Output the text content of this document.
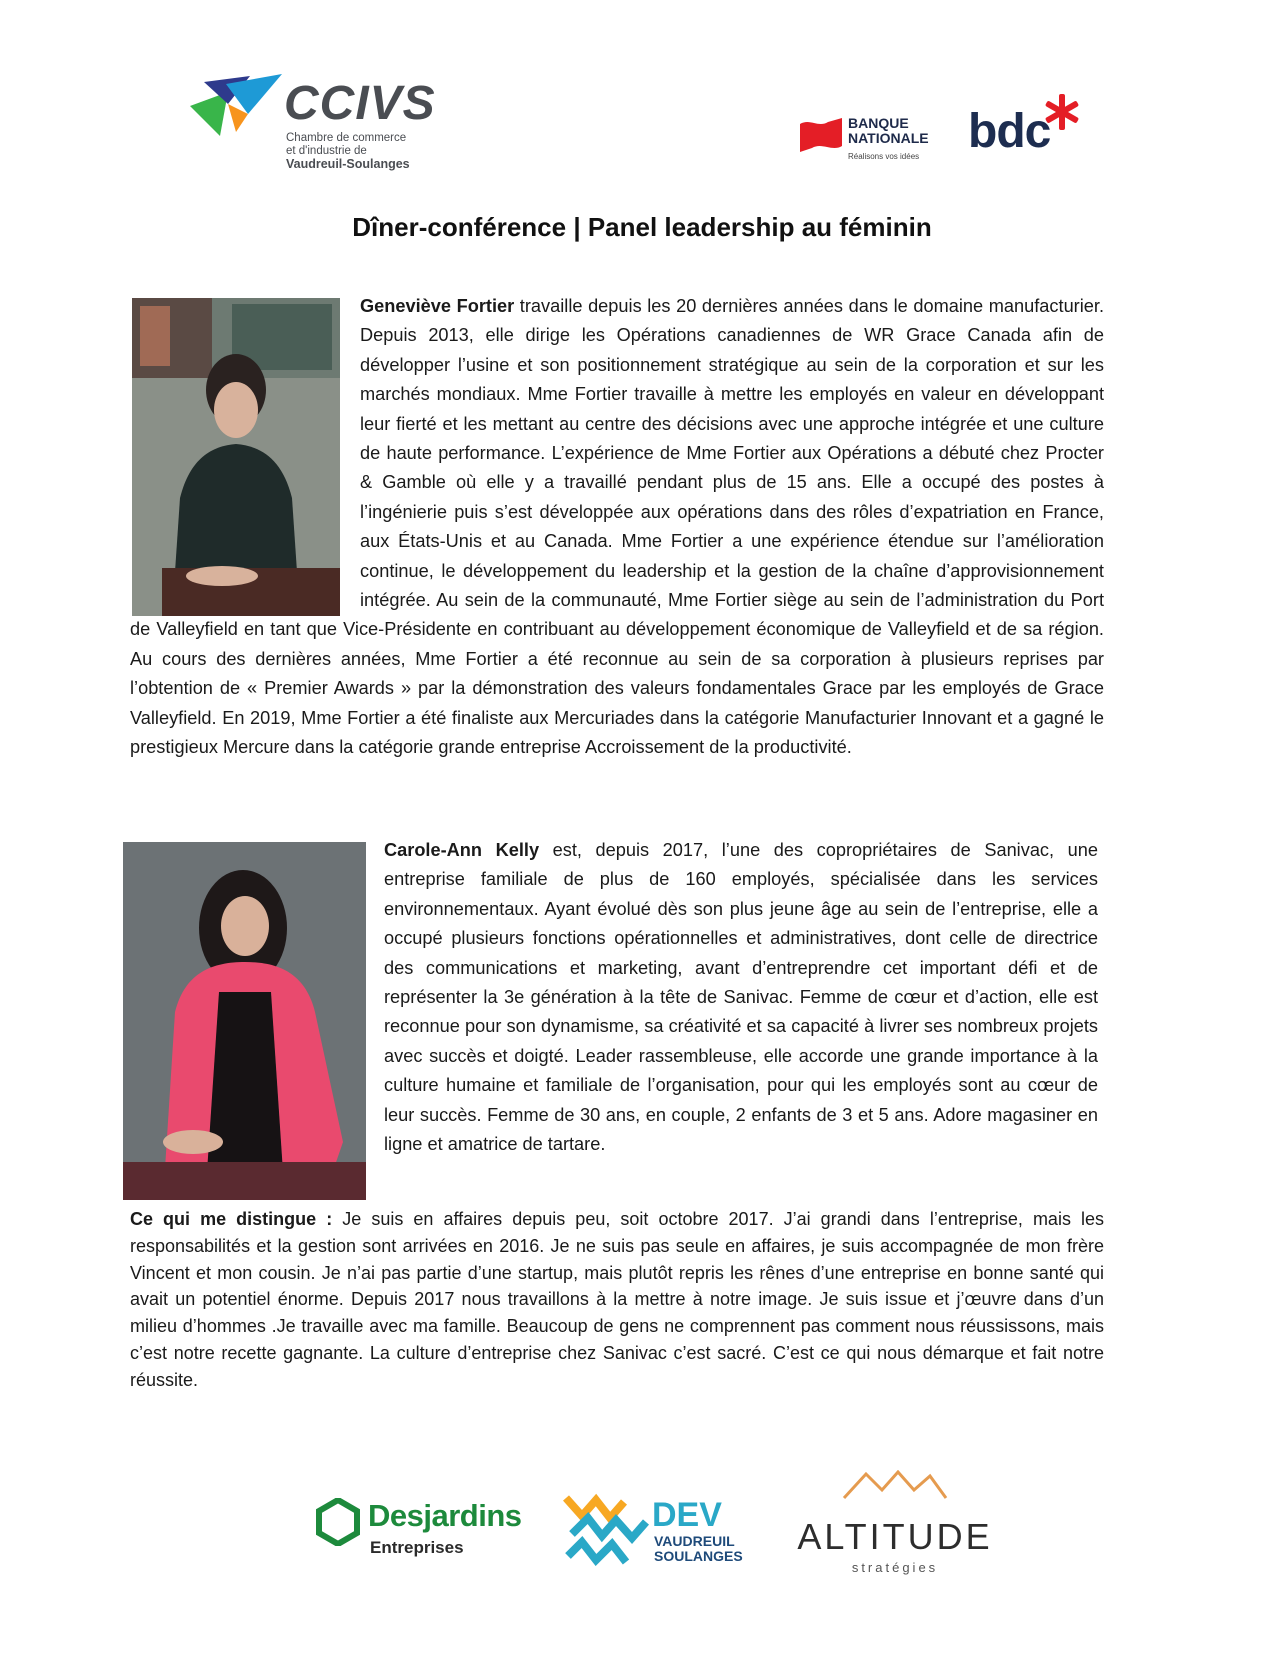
CCIVS
Chambre de commerce
et d'industrie de
Vaudreuil-Soulanges
BANQUE
NATIONALE
Réalisons vos idées bdc
Dîner-conférence | Panel leadership au féminin
Geneviève Fortier travaille depuis les 20 dernières années dans le domaine manufacturier. Depuis 2013, elle dirige les Opérations canadiennes de WR Grace Canada afin de développer l’usine et son positionnement stratégique au sein de la corporation et sur les marchés mondiaux. Mme Fortier travaille à mettre les employés en valeur en développant leur fierté et les mettant au centre des décisions avec une approche intégrée et une culture de haute performance. L’expérience de Mme Fortier aux Opérations a débuté chez Procter & Gamble où elle y a travaillé pendant plus de 15 ans. Elle a occupé des postes à l’ingénierie puis s’est développée aux opérations dans des rôles d’expatriation en France, aux États-Unis et au Canada. Mme Fortier a une expérience étendue sur l’amélioration continue, le développement du leadership et la gestion de la chaîne d’approvisionnement intégrée. Au sein de la communauté, Mme Fortier siège au sein de l’administration du Port de Valleyfield en tant que Vice-Présidente en contribuant au développement économique de Valleyfield et de sa région. Au cours des dernières années, Mme Fortier a été reconnue au sein de sa corporation à plusieurs reprises par l’obtention de « Premier Awards » par la démonstration des valeurs fondamentales Grace par les employés de Grace Valleyfield. En 2019, Mme Fortier a été finaliste aux Mercuriades dans la catégorie Manufacturier Innovant et a gagné le prestigieux Mercure dans la catégorie grande entreprise Accroissement de la productivité.
Carole-Ann Kelly est, depuis 2017, l’une des copropriétaires de Sanivac, une entreprise familiale de plus de 160 employés, spécialisée dans les services environnementaux. Ayant évolué dès son plus jeune âge au sein de l’entreprise, elle a occupé plusieurs fonctions opérationnelles et administratives, dont celle de directrice des communications et marketing, avant d’entreprendre cet important défi et de représenter la 3e génération à la tête de Sanivac. Femme de cœur et d’action, elle est reconnue pour son dynamisme, sa créativité et sa capacité à livrer ses nombreux projets avec succès et doigté. Leader rassembleuse, elle accorde une grande importance à la culture humaine et familiale de l’organisation, pour qui les employés sont au cœur de leur succès. Femme de 30 ans, en couple, 2 enfants de 3 et 5 ans. Adore magasiner en ligne et amatrice de tartare.
Ce qui me distingue : Je suis en affaires depuis peu, soit octobre 2017. J’ai grandi dans l’entreprise, mais les responsabilités et la gestion sont arrivées en 2016. Je ne suis pas seule en affaires, je suis accompagnée de mon frère Vincent et mon cousin. Je n’ai pas partie d’une startup, mais plutôt repris les rênes d’une entreprise en bonne santé qui avait un potentiel énorme. Depuis 2017 nous travaillons à la mettre à notre image. Je suis issue et j’œuvre dans d’un milieu d’hommes .Je travaille avec ma famille. Beaucoup de gens ne comprennent pas comment nous réussissons, mais c’est notre recette gagnante. La culture d’entreprise chez Sanivac c’est sacré. C’est ce qui nous démarque et fait notre réussite.
Desjardins
Entreprises
DEV
VAUDREUIL
SOULANGES ALTITUDE
stratégies
